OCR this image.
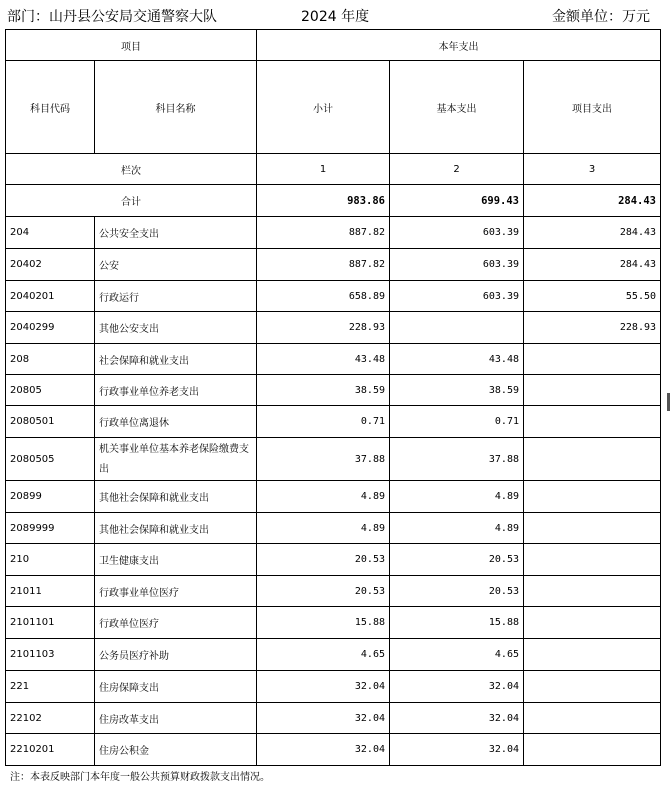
部门：山丹县公安局交通警察大队	2024 年度	金额单位：万元
项目		本年支出		
科目代码	科目名称	小计	基本支出	项目支出
栏次		1	2	3
合计		983.86	699.43	284.43
204	公共安全支出	887.82	603.39	284.43
20402	公安	887.82	603.39	284.43
2040201	行政运行	658.89	603.39	55.50
2040299	其他公安支出	228.93		228.93
208	社会保障和就业支出	43.48	43.48	
20805	行政事业单位养老支出	38.59	38.59	
2080501	行政单位离退休	0.71	0.71	
2080505	机关事业单位基本养老保险缴费支出	37.88	37.88	
20899	其他社会保障和就业支出	4.89	4.89	
2089999	其他社会保障和就业支出	4.89	4.89	
210	卫生健康支出	20.53	20.53	
21011	行政事业单位医疗	20.53	20.53	
2101101	行政单位医疗	15.88	15.88	
2101103	公务员医疗补助	4.65	4.65	
221	住房保障支出	32.04	32.04	
22102	住房改革支出	32.04	32.04	
2210201	住房公积金	32.04	32.04	
注：本表反映部门本年度一般公共预算财政拨款支出情况。
